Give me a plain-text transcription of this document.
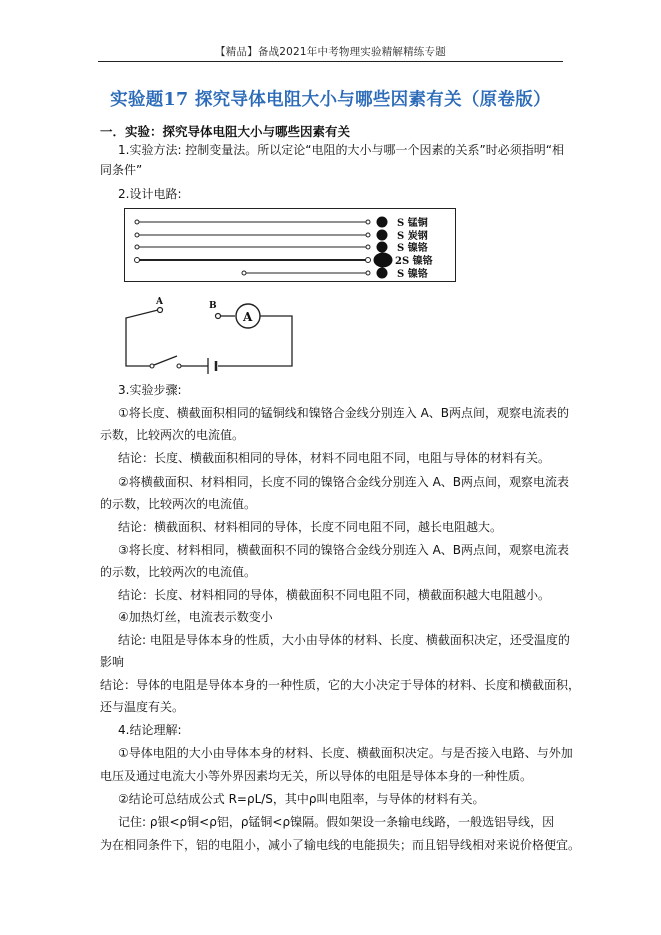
【精品】备战2021年中考物理实验精解精练专题
实验题17 探究导体电阻大小与哪些因素有关（原卷版）
一．实验：探究导体电阻大小与哪些因素有关
1.实验方法: 控制变量法。所以定论“电阻的大小与哪一个因素的关系”时必须指明“相
同条件”
2.设计电路:
S 锰铜
S 炭钢
S 镍铬
2S 镍铬
S 镍铬
A	B
A
3.实验步骤:
①将长度、横截面积相同的锰铜线和镍铬合金线分别连入 A、B两点间，观察电流表的
示数，比较两次的电流值。
结论：长度、横截面积相同的导体，材料不同电阻不同，电阻与导体的材料有关。
②将横截面积、材料相同，长度不同的镍铬合金线分别连入 A、B两点间，观察电流表
的示数，比较两次的电流值。
结论：横截面积、材料相同的导体，长度不同电阻不同，越长电阻越大。
③将长度、材料相同，横截面积不同的镍铬合金线分别连入 A、B两点间，观察电流表
的示数，比较两次的电流值。
结论：长度、材料相同的导体，横截面积不同电阻不同，横截面积越大电阻越小。
④加热灯丝，电流表示数变小
结论: 电阻是导体本身的性质，大小由导体的材料、长度、横截面积决定，还受温度的
影响
结论：导体的电阻是导体本身的一种性质，它的大小决定于导体的材料、长度和横截面积，
还与温度有关。
4.结论理解:
①导体电阻的大小由导体本身的材料、长度、横截面积决定。与是否接入电路、与外加
电压及通过电流大小等外界因素均无关，所以导体的电阻是导体本身的一种性质。
②结论可总结成公式 R=ρL/S，其中ρ叫电阻率，与导体的材料有关。
记住: ρ银<ρ铜<ρ铝，ρ锰铜<ρ镍隔。假如架设一条输电线路，一般选铝导线，因
为在相同条件下，铝的电阻小，减小了输电线的电能损失；而且铝导线相对来说价格便宜。
